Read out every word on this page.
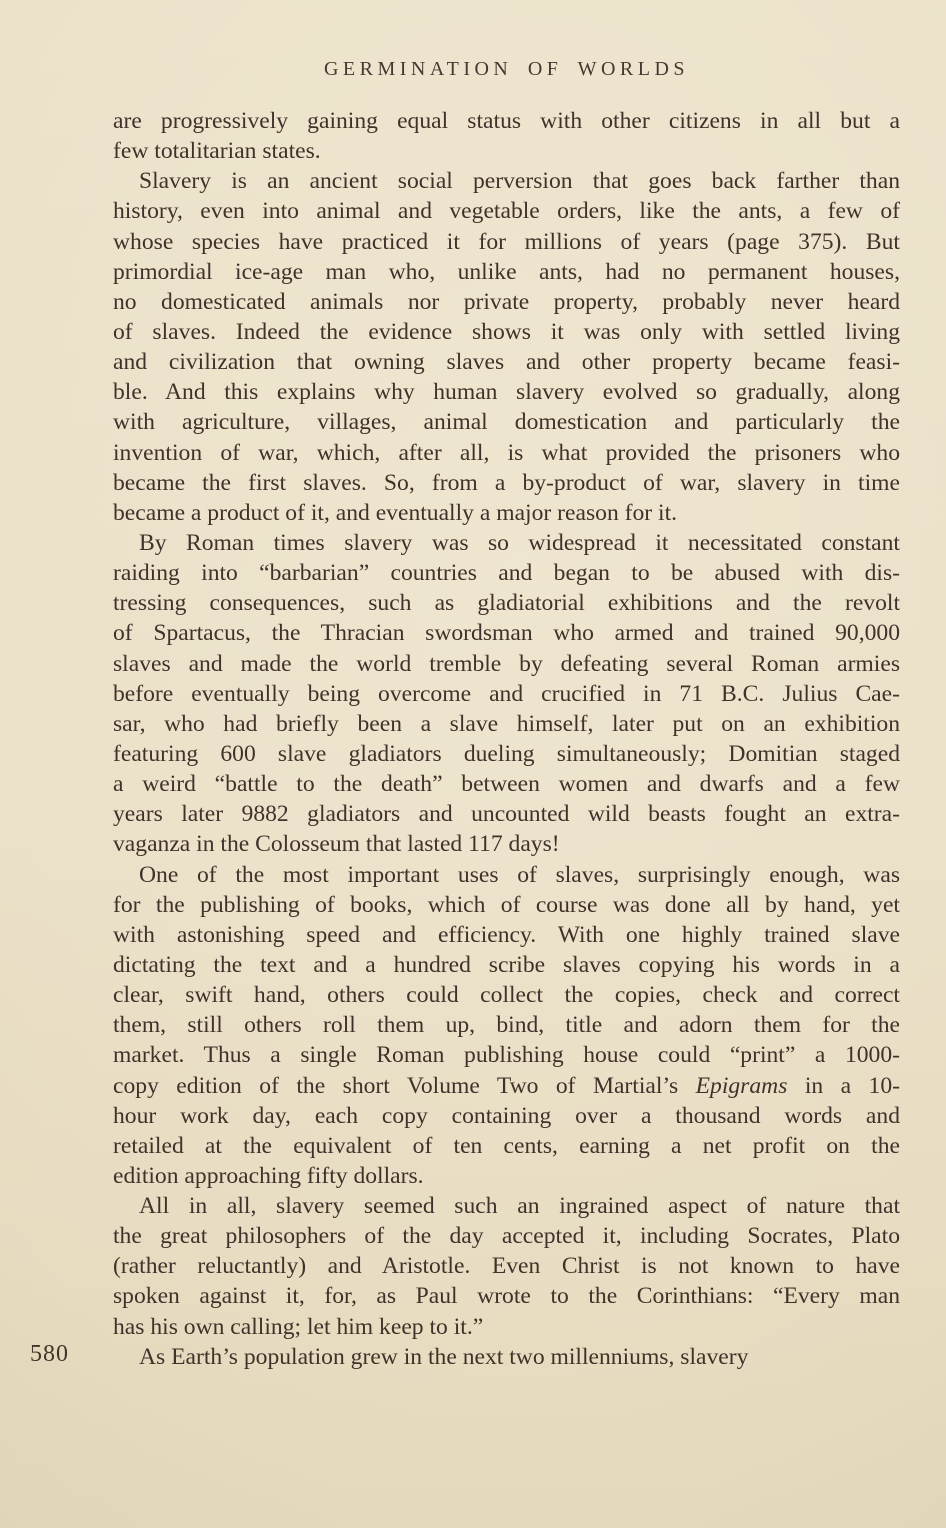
GERMINATION OF WORLDS
580
are progressively gaining equal status with other citizens in all but a
few totalitarian states.
Slavery is an ancient social perversion that goes back farther than
history, even into animal and vegetable orders, like the ants, a few of
whose species have practiced it for millions of years (page 375). But
primordial ice-age man who, unlike ants, had no permanent houses,
no domesticated animals nor private property, probably never heard
of slaves. Indeed the evidence shows it was only with settled living
and civilization that owning slaves and other property became feasi-
ble. And this explains why human slavery evolved so gradually, along
with agriculture, villages, animal domestication and particularly the
invention of war, which, after all, is what provided the prisoners who
became the first slaves. So, from a by-product of war, slavery in time
became a product of it, and eventually a major reason for it.
By Roman times slavery was so widespread it necessitated constant
raiding into “barbarian” countries and began to be abused with dis-
tressing consequences, such as gladiatorial exhibitions and the revolt
of Spartacus, the Thracian swordsman who armed and trained 90,000
slaves and made the world tremble by defeating several Roman armies
before eventually being overcome and crucified in 71 B.C. Julius Cae-
sar, who had briefly been a slave himself, later put on an exhibition
featuring 600 slave gladiators dueling simultaneously; Domitian staged
a weird “battle to the death” between women and dwarfs and a few
years later 9882 gladiators and uncounted wild beasts fought an extra-
vaganza in the Colosseum that lasted 117 days!
One of the most important uses of slaves, surprisingly enough, was
for the publishing of books, which of course was done all by hand, yet
with astonishing speed and efficiency. With one highly trained slave
dictating the text and a hundred scribe slaves copying his words in a
clear, swift hand, others could collect the copies, check and correct
them, still others roll them up, bind, title and adorn them for the
market. Thus a single Roman publishing house could “print” a 1000-
copy edition of the short Volume Two of Martial’s Epigrams in a 10-
hour work day, each copy containing over a thousand words and
retailed at the equivalent of ten cents, earning a net profit on the
edition approaching fifty dollars.
All in all, slavery seemed such an ingrained aspect of nature that
the great philosophers of the day accepted it, including Socrates, Plato
(rather reluctantly) and Aristotle. Even Christ is not known to have
spoken against it, for, as Paul wrote to the Corinthians: “Every man
has his own calling; let him keep to it.”
As Earth’s population grew in the next two millenniums, slavery
